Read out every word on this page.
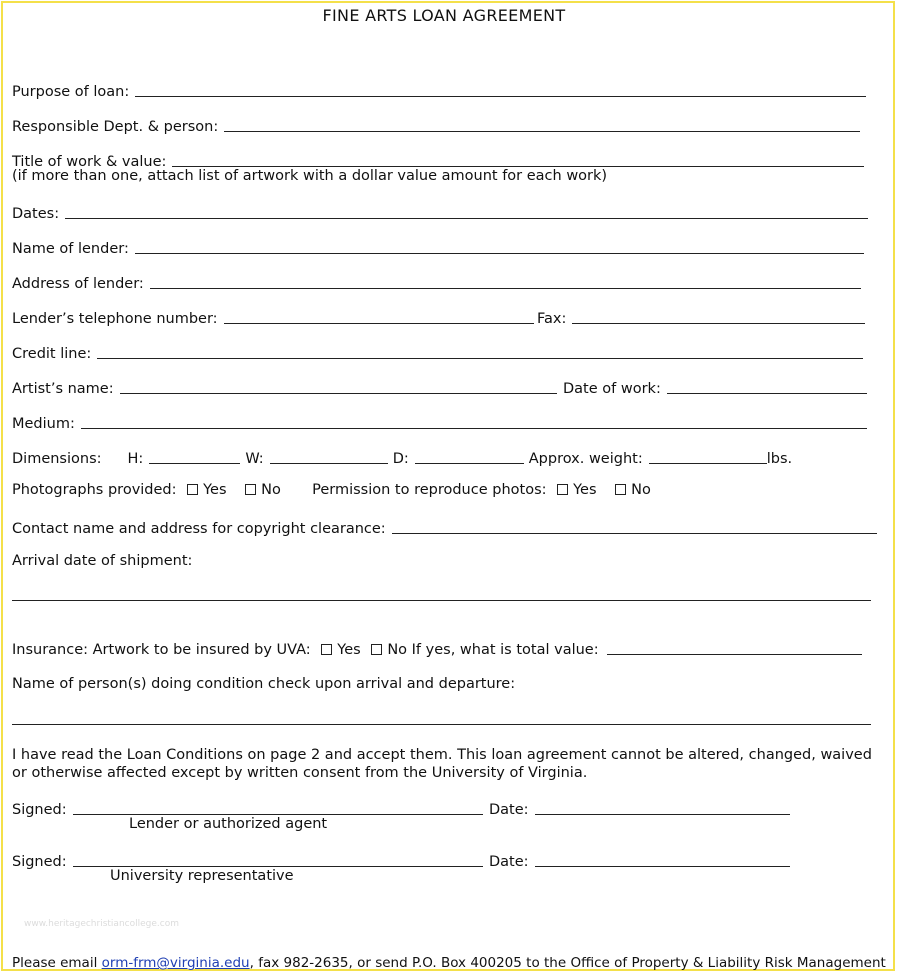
FINE ARTS LOAN AGREEMENT
Purpose of loan:
Responsible Dept. & person:
Title of work & value:
(if more than one, attach list of artwork with a dollar value amount for each work)
Dates:
Name of lender:
Address of lender:
Lender’s telephone number:	Fax:
Credit line:
Artist’s name:	Date of work:
Medium:
Dimensions:	H:	W:	D:	Approx. weight:	lbs.
Photographs provided: Yes No Permission to reproduce photos: Yes No
Contact name and address for copyright clearance:
Arrival date of shipment:
Insurance: Artwork to be insured by UVA: Yes No If yes, what is total value:
Name of person(s) doing condition check upon arrival and departure:
I have read the Loan Conditions on page 2 and accept them. This loan agreement cannot be altered, changed, waived or otherwise affected except by written consent from the University of Virginia.
Signed:	Date:
Lender or authorized agent
Signed:	Date:
University representative
www.heritagechristiancollege.com
Please email orm-frm@virginia.edu, fax 982-2635, or send P.O. Box 400205 to the Office of Property & Liability Risk Management
